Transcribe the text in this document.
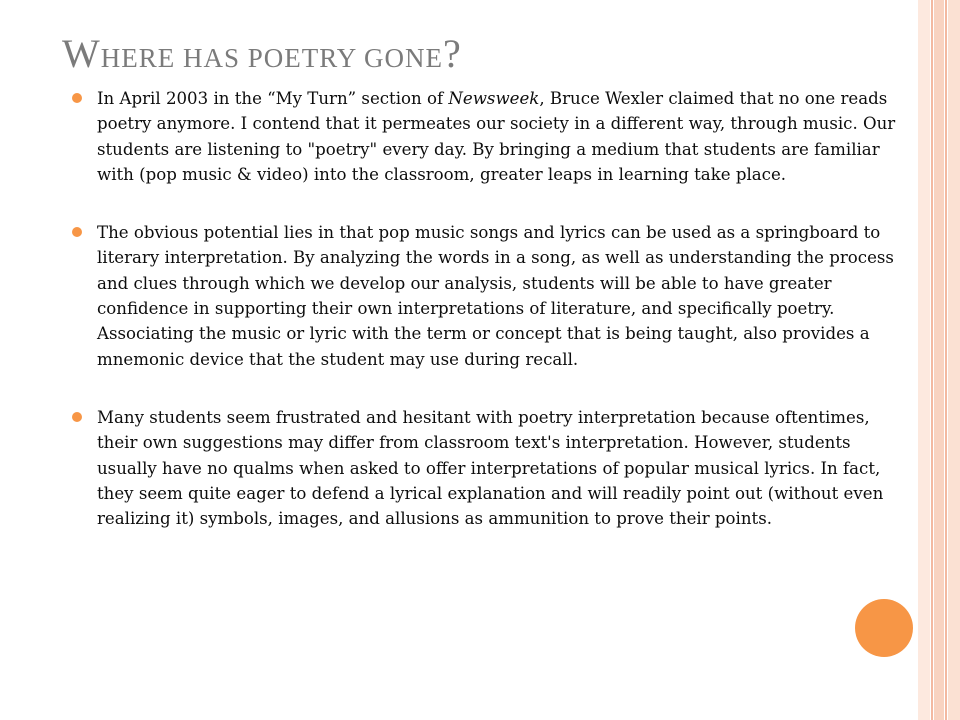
WHERE HAS POETRY GONE?
In April 2003 in the “My Turn” section of Newsweek, Bruce Wexler claimed that no one reads poetry anymore. I contend that it permeates our society in a different way, through music. Our students are listening to "poetry" every day. By bringing a medium that students are familiar with (pop music & video) into the classroom, greater leaps in learning take place.
The obvious potential lies in that pop music songs and lyrics can be used as a springboard to literary interpretation. By analyzing the words in a song, as well as understanding the process and clues through which we develop our analysis, students will be able to have greater confidence in supporting their own interpretations of literature, and specifically poetry. Associating the music or lyric with the term or concept that is being taught, also provides a mnemonic device that the student may use during recall.
Many students seem frustrated and hesitant with poetry interpretation because oftentimes, their own suggestions may differ from classroom text's interpretation. However, students usually have no qualms when asked to offer interpretations of popular musical lyrics. In fact, they seem quite eager to defend a lyrical explanation and will readily point out (without even realizing it) symbols, images, and allusions as ammunition to prove their points.
